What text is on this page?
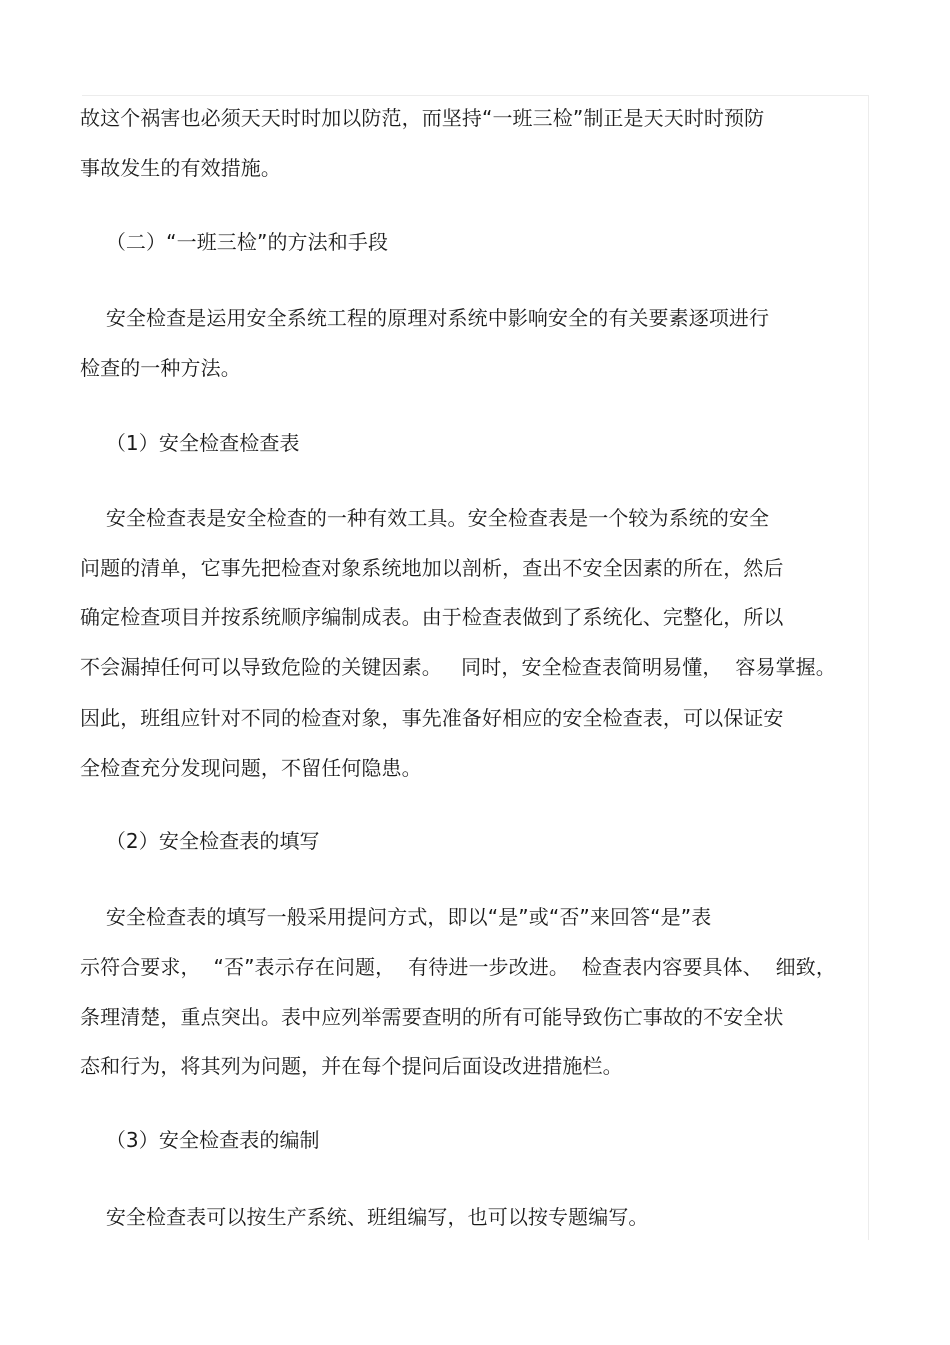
故这个祸害也必须天天时时加以防范，而坚持“一班三检”制正是天天时时预防
事故发生的有效措施。
（二）“一班三检”的方法和手段
安全检查是运用安全系统工程的原理对系统中影响安全的有关要素逐项进行
检查的一种方法。
（1）安全检查检查表
安全检查表是安全检查的一种有效工具。安全检查表是一个较为系统的安全
问题的清单，它事先把检查对象系统地加以剖析，查出不安全因素的所在，然后
确定检查项目并按系统顺序编制成表。由于检查表做到了系统化、完整化，所以
不会漏掉任何可以导致危险的关键因素。   同时，安全检查表简明易懂，  容易掌握。
因此，班组应针对不同的检查对象，事先准备好相应的安全检查表，可以保证安
全检查充分发现问题，不留任何隐患。
（2）安全检查表的填写
安全检查表的填写一般采用提问方式，即以“是”或“否”来回答“是”表
示符合要求，  “否”表示存在问题，  有待进一步改进。  检查表内容要具体、  细致，
条理清楚，重点突出。表中应列举需要查明的所有可能导致伤亡事故的不安全状
态和行为，将其列为问题，并在每个提问后面设改进措施栏。
（3）安全检查表的编制
安全检查表可以按生产系统、班组编写，也可以按专题编写。
